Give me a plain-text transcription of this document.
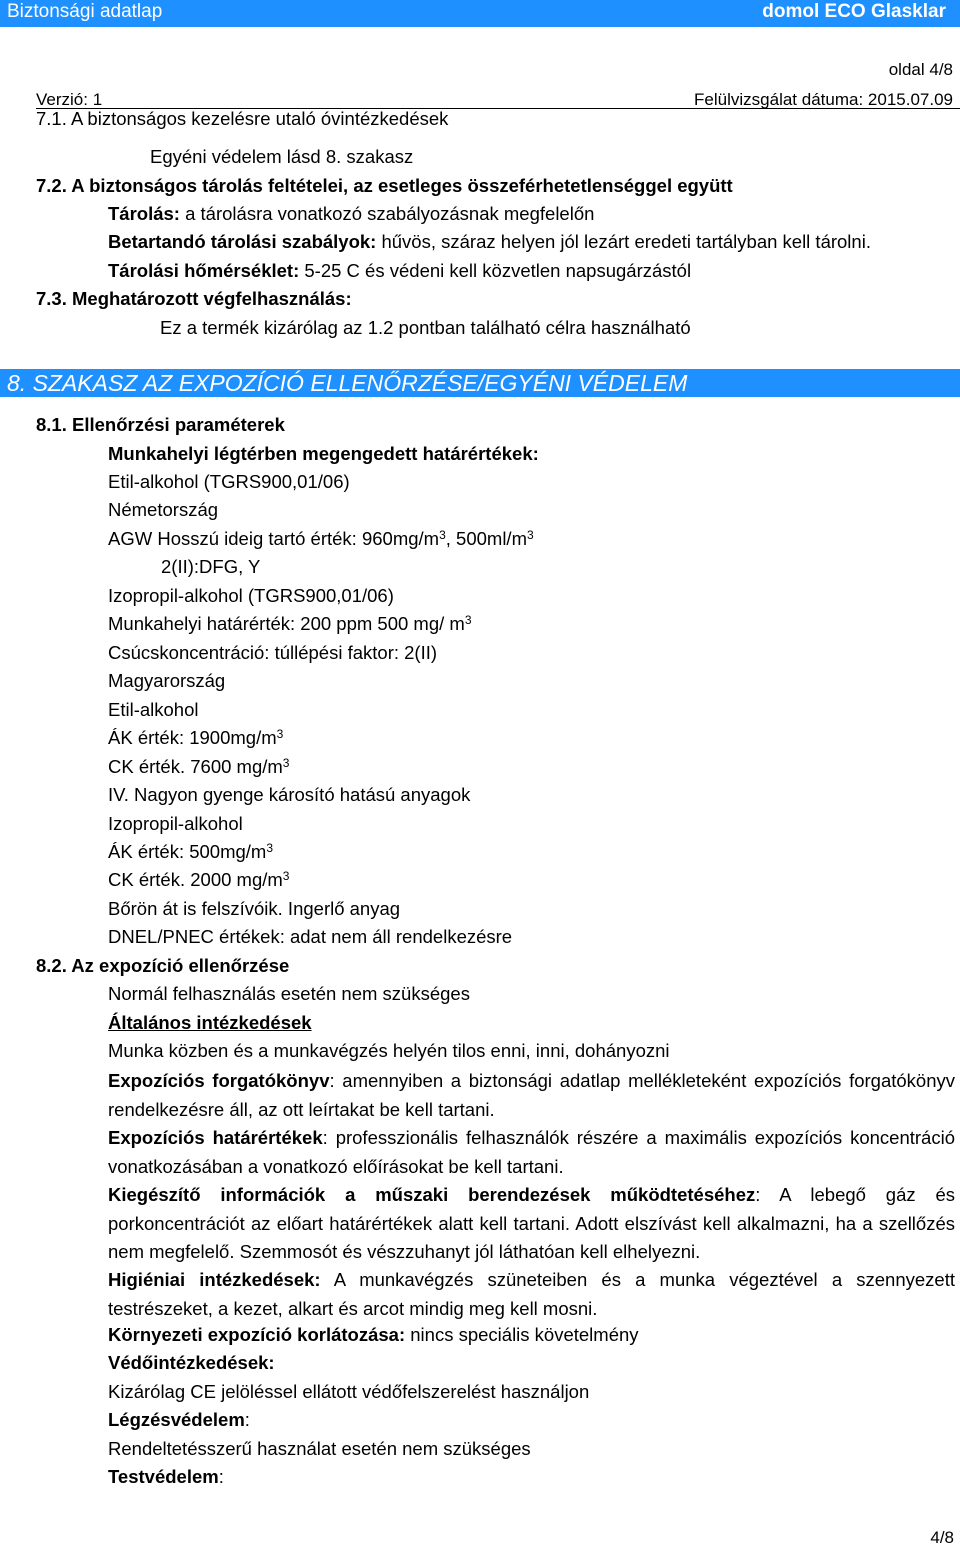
Biztonsági adatlap	domol ECO Glasklar
oldal 4/8
Verzió: 1	Felülvizsgálat dátuma: 2015.07.09
7.1. A biztonságos kezelésre utaló óvintézkedések
Egyéni védelem lásd 8. szakasz
7.2. A biztonságos tárolás feltételei, az esetleges összeférhetetlenséggel együtt
Tárolás: a tárolásra vonatkozó szabályozásnak megfelelőn
Betartandó tárolási szabályok: hűvös, száraz helyen jól lezárt eredeti tartályban kell tárolni.
Tárolási hőmérséklet: 5-25 C és védeni kell közvetlen napsugárzástól
7.3. Meghatározott végfelhasználás:
Ez a termék kizárólag az 1.2 pontban található célra használható
8. SZAKASZ AZ EXPOZÍCIÓ ELLENŐRZÉSE/EGYÉNI VÉDELEM
8.1. Ellenőrzési paraméterek
Munkahelyi légtérben megengedett határértékek:
Etil-alkohol (TGRS900,01/06)
Németország
AGW Hosszú ideig tartó érték: $960mg/m^3$, $500ml/m^3$
2(II):DFG, Y
Izopropil-alkohol (TGRS900,01/06)
Munkahelyi határérték: 200 ppm 500 mg/ $m^3$
Csúcskoncentráció: túllépési faktor: 2(II)
Magyarország
Etil-alkohol
ÁK érték: $1900mg/m^3$
CK érték. 7600 $mg/m^3$
IV. Nagyon gyenge károsító hatású anyagok
Izopropil-alkohol
ÁK érték: $500mg/m^3$
CK érték. 2000 $mg/m^3$
Bőrön át is felszívóik. Ingerlő anyag
DNEL/PNEC értékek: adat nem áll rendelkezésre
8.2. Az expozíció ellenőrzése
Normál felhasználás esetén nem szükséges
Általános intézkedések
Munka közben és a munkavégzés helyén tilos enni, inni, dohányozni
Expozíciós forgatókönyv: amennyiben a biztonsági adatlap mellékleteként expozíciós forgatókönyv rendelkezésre áll, az ott leírtakat be kell tartani.
Expozíciós határértékek: professzionális felhasználók részére a maximális expozíciós koncentráció vonatkozásában a vonatkozó előírásokat be kell tartani.
Kiegészítő információk a műszaki berendezések működtetéséhez: A lebegő gáz és porkoncentrációt az előart határértékek alatt kell tartani. Adott elszívást kell alkalmazni, ha a szellőzés nem megfelelő. Szemmosót és vészzuhanyt jól láthatóan kell elhelyezni.
Higiéniai intézkedések: A munkavégzés szüneteiben és a munka végeztével a szennyezett testrészeket, a kezet, alkart és arcot mindig meg kell mosni.
Környezeti expozíció korlátozása: nincs speciális követelmény
Védőintézkedések:
Kizárólag CE jelöléssel ellátott védőfelszerelést használjon
Légzésvédelem:
Rendeltetésszerű használat esetén nem szükséges
Testvédelem:
4/8
